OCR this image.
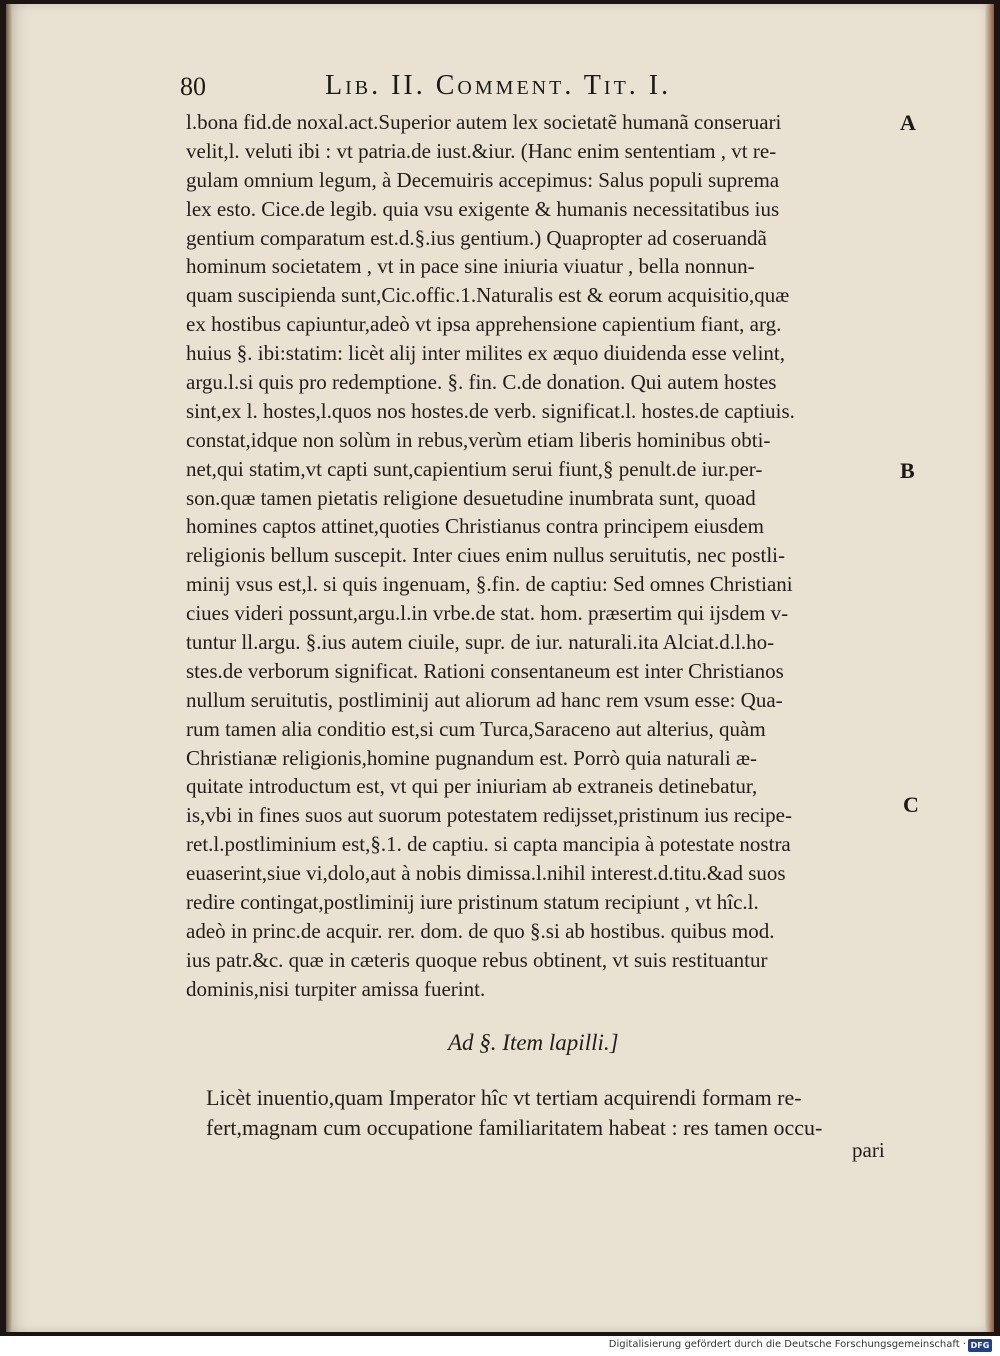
80	Lib. II. Comment. Tit. I.
l.bona fid.de noxal.act.Superior autem lex societatẽ humanã conseruari
velit,l. veluti ibi : vt patria.de iust.&iur. (Hanc enim sententiam , vt re-
gulam omnium legum, à Decemuiris accepimus: Salus populi suprema
lex esto. Cice.de legib. quia vsu exigente & humanis necessitatibus ius
gentium comparatum est.d.§.ius gentium.) Quapropter ad coseruandã
hominum societatem , vt in pace sine iniuria viuatur , bella nonnun-
quam suscipienda sunt,Cic.offic.1.Naturalis est & eorum acquisitio,quæ
ex hostibus capiuntur,adeò vt ipsa apprehensione capientium fiant, arg.
huius §. ibi:statim: licèt alij inter milites ex æquo diuidenda esse velint,
argu.l.si quis pro redemptione. §. fin. C.de donation. Qui autem hostes
sint,ex l. hostes,l.quos nos hostes.de verb. significat.l. hostes.de captiuis.
constat,idque non solùm in rebus,verùm etiam liberis hominibus obti-
net,qui statim,vt capti sunt,capientium serui fiunt,§ penult.de iur.per-
son.quæ tamen pietatis religione desuetudine inumbrata sunt, quoad
homines captos attinet,quoties Christianus contra principem eiusdem
religionis bellum suscepit. Inter ciues enim nullus seruitutis, nec postli-
minij vsus est,l. si quis ingenuam, §.fin. de captiu: Sed omnes Christiani
ciues videri possunt,argu.l.in vrbe.de stat. hom. præsertim qui ijsdem v-
tuntur ll.argu. §.ius autem ciuile, supr. de iur. naturali.ita Alciat.d.l.ho-
stes.de verborum significat. Rationi consentaneum est inter Christianos
nullum seruitutis, postliminij aut aliorum ad hanc rem vsum esse: Qua-
rum tamen alia conditio est,si cum Turca,Saraceno aut alterius, quàm
Christianæ religionis,homine pugnandum est. Porrò quia naturali æ-
quitate introductum est, vt qui per iniuriam ab extraneis detinebatur,
is,vbi in fines suos aut suorum potestatem redijsset,pristinum ius recipe-
ret.l.postliminium est,§.1. de captiu. si capta mancipia à potestate nostra
euaserint,siue vi,dolo,aut à nobis dimissa.l.nihil interest.d.titu.&ad suos
redire contingat,postliminij iure pristinum statum recipiunt , vt hîc.l.
adeò in princ.de acquir. rer. dom. de quo §.si ab hostibus. quibus mod.
ius patr.&c. quæ in cæteris quoque rebus obtinent, vt suis restituantur
dominis,nisi turpiter amissa fuerint.
A
B
C
Ad §. Item lapilli.]
Licèt inuentio,quam Imperator hîc vt tertiam acquirendi formam re-
fert,magnam cum occupatione familiaritatem habeat : res tamen occu-
pari
Digitalisierung gefördert durch die Deutsche Forschungsgemeinschaft · DFG
